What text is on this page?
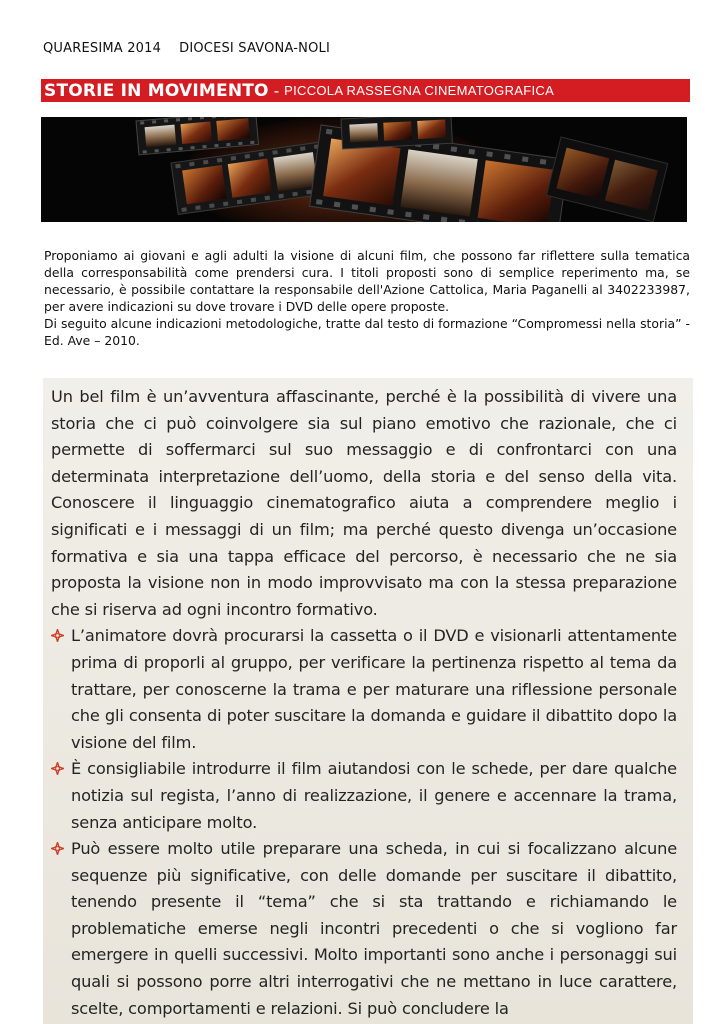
QUARESIMA 2014 DIOCESI SAVONA-NOLI
STORIE IN MOVIMENTO - PICCOLA RASSEGNA CINEMATOGRAFICA

Proponiamo ai giovani e agli adulti la visione di alcuni film, che possono far riflettere sulla tematica della corresponsabilità come prendersi cura. I titoli proposti sono di semplice reperimento ma, se necessario, è possibile contattare la responsabile dell'Azione Cattolica, Maria Paganelli al 3402233987, per avere indicazioni su dove trovare i DVD delle opere proposte.

Di seguito alcune indicazioni metodologiche, tratte dal testo di formazione “Compromessi nella storia” - Ed. Ave – 2010.

Un bel film è un’avventura affascinante, perché è la possibilità di vivere una storia che ci può coinvolgere sia sul piano emotivo che razionale, che ci permette di soffermarci sul suo messaggio e di confrontarci con una determinata interpretazione dell’uomo, della storia e del senso della vita. Conoscere il linguaggio cinematografico aiuta a comprendere meglio i significati e i messaggi di un film; ma perché questo divenga un’occasione formativa e sia una tappa efficace del percorso, è necessario che ne sia proposta la visione non in modo improvvisato ma con la stessa preparazione che si riserva ad ogni incontro formativo.

L’animatore dovrà procurarsi la cassetta o il DVD e visionarli attentamente prima di proporli al gruppo, per verificare la pertinenza rispetto al tema da trattare, per conoscerne la trama e per maturare una riflessione personale che gli consenta di poter suscitare la domanda e guidare il dibattito dopo la visione del film.

È consigliabile introdurre il film aiutandosi con le schede, per dare qualche notizia sul regista, l’anno di realizzazione, il genere e accennare la trama, senza anticipare molto.

Può essere molto utile preparare una scheda, in cui si focalizzano alcune sequenze più significative, con delle domande per suscitare il dibattito, tenendo presente il “tema” che si sta trattando e richiamando le problematiche emerse negli incontri precedenti o che si vogliono far emergere in quelli successivi. Molto importanti sono anche i personaggi sui quali si possono porre altri interrogativi che ne mettano in luce carattere, scelte, comportamenti e relazioni. Si può concludere la
